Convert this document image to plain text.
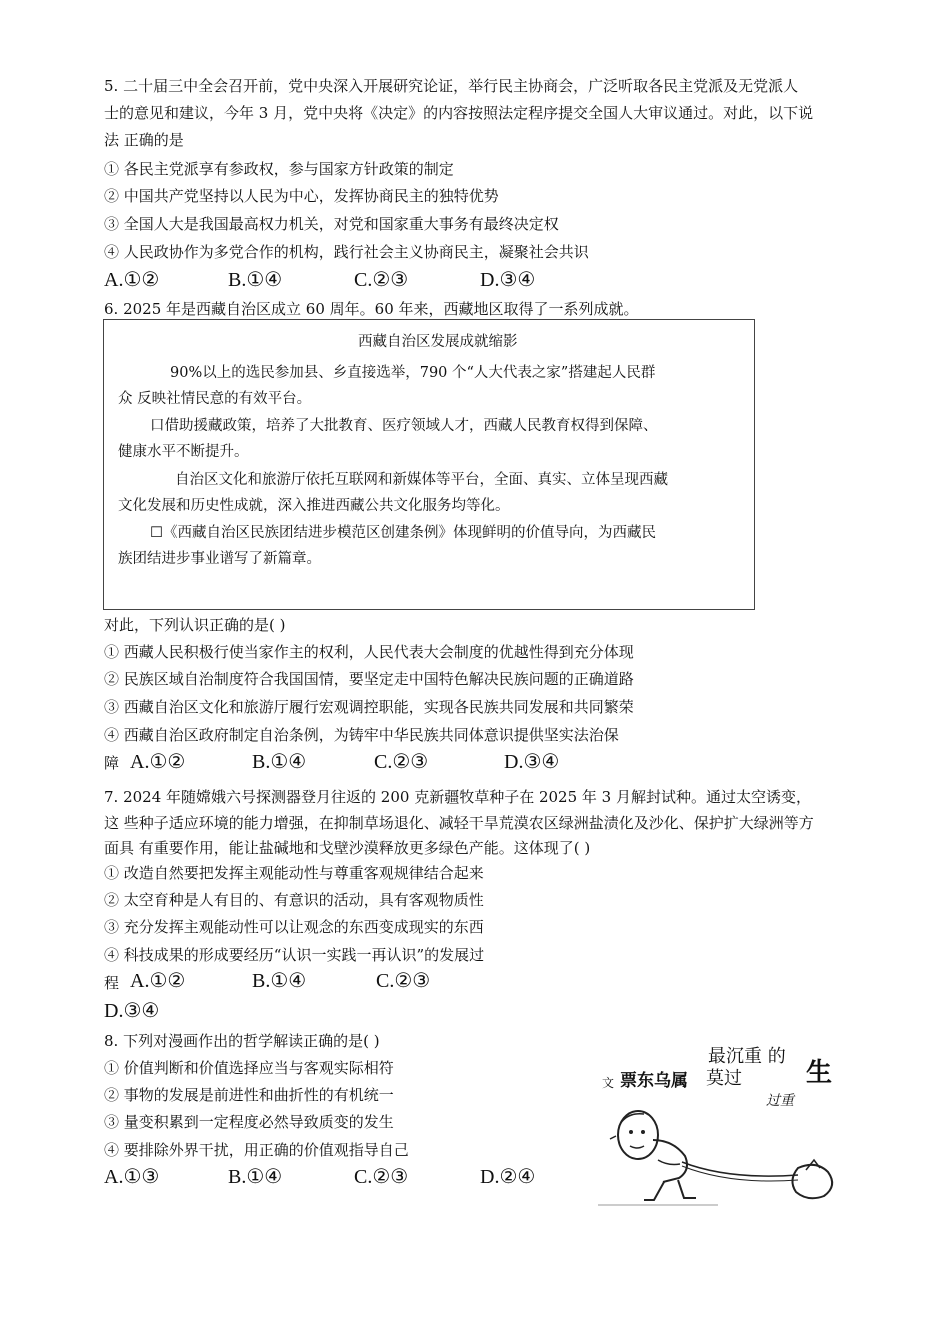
5. 二十届三中全会召开前，党中央深入开展研究论证，举行民主协商会，广泛听取各民主党派及无党派人
士的意见和建议，今年 3 月，党中央将《决定》的内容按照法定程序提交全国人大审议通过。对此，以下说
法 正确的是
① 各民主党派享有参政权，参与国家方针政策的制定
② 中国共产党坚持以人民为中心，发挥协商民主的独特优势
③ 全国人大是我国最高权力机关，对党和国家重大事务有最终决定权
④ 人民政协作为多党合作的机构，践行社会主义协商民主，凝聚社会共识
A.①②	B.①④	C.②③	D.③④
6. 2025 年是西藏自治区成立 60 周年。60 年来，西藏地区取得了一系列成就。
西藏自治区发展成就缩影
90%以上的选民参加县、乡直接选举，790 个“人大代表之家”搭建起人民群
众 反映社情民意的有效平台。
口借助援藏政策，培养了大批教育、医疗领域人才，西藏人民教育权得到保障、
健康水平不断提升。
自治区文化和旅游厅依托互联网和新媒体等平台，全面、真实、立体呈现西藏
文化发展和历史性成就，深入推进西藏公共文化服务均等化。
☐《西藏自治区民族团结进步模范区创建条例》体现鲜明的价值导向，为西藏民
族团结进步事业谱写了新篇章。
对此，下列认识正确的是( )
① 西藏人民积极行使当家作主的权利，人民代表大会制度的优越性得到充分体现
② 民族区域自治制度符合我国国情，要坚定走中国特色解决民族问题的正确道路
③ 西藏自治区文化和旅游厅履行宏观调控职能，实现各民族共同发展和共同繁荣
④ 西藏自治区政府制定自治条例，为铸牢中华民族共同体意识提供坚实法治保
障 A.①②	B.①④	C.②③	D.③④
7. 2024 年随嫦娥六号探测器登月往返的 200 克新疆牧草种子在 2025 年 3 月解封试种。通过太空诱变，
这 些种子适应环境的能力增强，在抑制草场退化、减轻干旱荒漠农区绿洲盐渍化及沙化、保护扩大绿洲等方
面具 有重要作用，能让盐碱地和戈壁沙漠释放更多绿色产能。这体现了( )
① 改造自然要把发挥主观能动性与尊重客观规律结合起来
② 太空育种是人有目的、有意识的活动，具有客观物质性
③ 充分发挥主观能动性可以让观念的东西变成现实的东西
④ 科技成果的形成要经历“认识一实践一再认识”的发展过
程 A.①②	B.①④	C.②③
D.③④
8. 下列对漫画作出的哲学解读正确的是( )
① 价值判断和价值选择应当与客观实际相符
② 事物的发展是前进性和曲折性的有机统一
③ 量变积累到一定程度必然导致质变的发生
④ 要排除外界干扰，用正确的价值观指导自己
A.①③	B.①④	C.②③	D.②④
最沉重 的
生
文 票东乌属 莫过
过重
